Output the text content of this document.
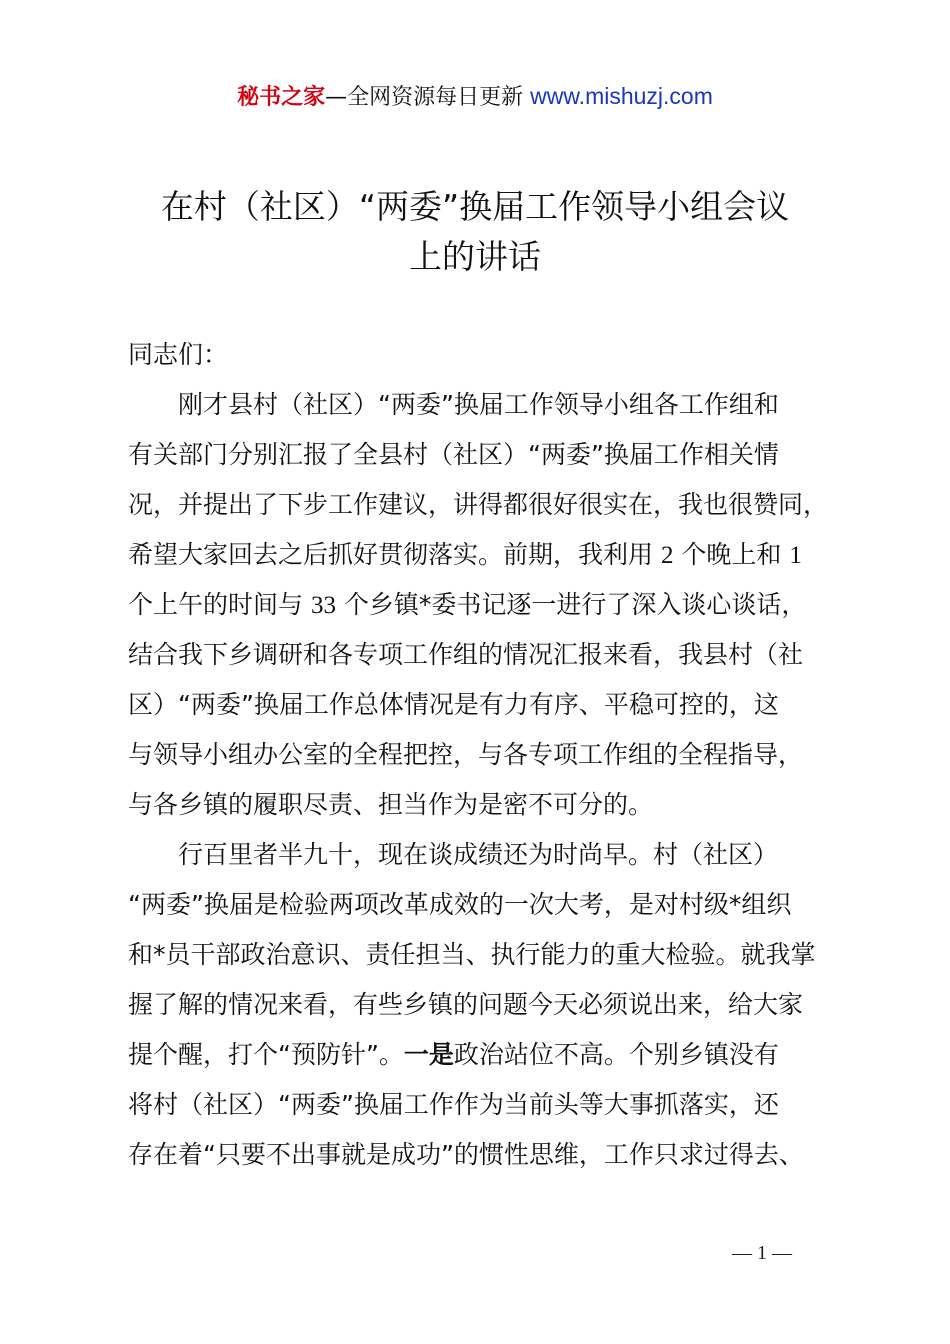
秘书之家—全网资源每日更新 www.mishuzj.com
在村（社区）“两委”换届工作领导小组会议
上的讲话
同志们：
刚才县村（社区）“两委”换届工作领导小组各工作组和
有关部门分别汇报了全县村（社区）“两委”换届工作相关情
况，并提出了下步工作建议，讲得都很好很实在，我也很赞同，
希望大家回去之后抓好贯彻落实。前期，我利用 2 个晚上和 1
个上午的时间与 33 个乡镇*委书记逐一进行了深入谈心谈话，
结合我下乡调研和各专项工作组的情况汇报来看，我县村（社
区）“两委”换届工作总体情况是有力有序、平稳可控的，这
与领导小组办公室的全程把控，与各专项工作组的全程指导，
与各乡镇的履职尽责、担当作为是密不可分的。
行百里者半九十，现在谈成绩还为时尚早。村（社区）
“两委”换届是检验两项改革成效的一次大考，是对村级*组织
和*员干部政治意识、责任担当、执行能力的重大检验。就我掌
握了解的情况来看，有些乡镇的问题今天必须说出来，给大家
提个醒，打个“预防针”。一是政治站位不高。个别乡镇没有
将村（社区）“两委”换届工作作为当前头等大事抓落实，还
存在着“只要不出事就是成功”的惯性思维，工作只求过得去、
— 1 —
